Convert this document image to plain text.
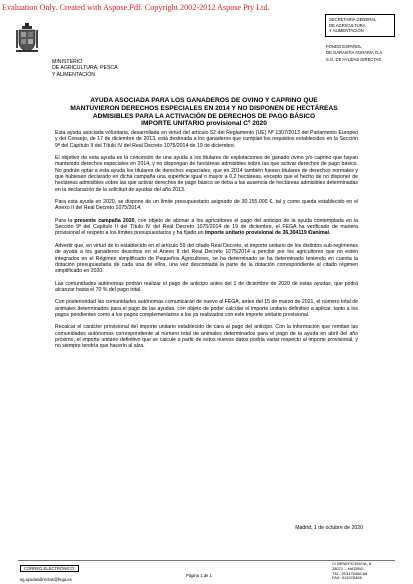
Evaluation Only. Created with Aspose.Pdf. Copyright 2002-2012 Aspose Pty Ltd.
MINISTERIO
DE AGRICULTURA, PESCA
Y ALIMENTACIÓN
SECRETARÍA GENERAL
DE AGRICULTURA
Y ALIMENTACIÓN
FONDO ESPAÑOL
DE GARANTÍA AGRARIA O.A.
S.G. DE AYUDAS DIRECTAS
AYUDA ASOCIADA PARA LOS GANADEROS DE OVINO Y CAPRINO QUE
MANTUVIERON DERECHOS ESPECIALES EN 2014 Y NO DISPONEN DE HECTÁREAS
ADMISIBLES PARA LA ACTIVACIÓN DE DERECHOS DE PAGO BÁSICO
IMPORTE UNITARIO provisional Cº 2020

Esta ayuda asociada voluntaria, desarrollada en virtud del artículo 52 del Reglamento (UE) Nº 1307/2013 del Parlamento Europeo y del Consejo, de 17 de diciembre de 2013, está destinada a los ganaderos que cumplan los requisitos establecidos en la Sección 9ª del Capítulo II del Título IV del Real Decreto 1075/2014 de 19 de diciembre.

El objetivo de esta ayuda es la concesión de una ayuda a los titulares de explotaciones de ganado ovino y/o caprino que hayan mantenido derechos especiales en 2014, y no dispongan de hectáreas admisibles sobre las que activar derechos de pago básico. No podrán optar a esta ayuda los titulares de derechos especiales, que en 2014 también fuesen titulares de derechos normales y que hubiesen declarado en dicha campaña una superficie igual o mayor a 0,2 hectáreas, excepto que el hecho de no disponer de hectáreas admisibles sobre las que activar derechos de pago básico se deba a las ausencia de hectáreas admisibles determinadas en la declaración de la solicitud de ayudas del año 2013.

Para esta ayuda en 2020, se dispone de un límite presupuestario asignado de 30.155.000 €, tal y como queda establecido en el Anexo II del Real Decreto 1075/2014.

Para la presente campaña 2020, con objeto de abonar a los agricultores el pago del anticipo de la ayuda contemplada en la Sección 9ª del Capítulo II del Título IV del Real Decreto 1075/2014 de 19 de diciembre, el FEGA ha verificado de manera provisional el respeto a los límites presupuestarios y ha fijado un importe unitario provisional de 36,304119 €/animal.

Advertir que, en virtud de lo establecido en el artículo 59 del citado Real Decreto, el importe unitario de los distintos sub-regímenes de ayuda a los ganaderos descritos en el Anexo II del Real Decreto 1075/2014 a percibir por los agricultores que no estén integrados en el Régimen simplificado de Pequeños Agricultores, se ha determinado se ha determinado teniendo en cuenta la dotación presupuestaria de cada una de ellos, una vez descontada la parte de la dotación correspondiente al citado régimen simplificado en 2020.

Las comunidades autónomas podrán realizar el pago de anticipo antes del 1 de diciembre de 2020 de estas ayudas, que podrá alcanzar hasta el 70 % del pago total.

Con posterioridad las comunidades autónomas comunicarán de nuevo al FEGA, antes del 15 de marzo de 2021, el número total de animales determinados para el pago de las ayudas, con objeto de poder calcular el importe unitario definitivo a aplicar, tanto a los pagos pendientes como a los pagos complementarios a los ya realizados con este importe unitario provisional.

Recalcar el carácter provisional del importe unitario establecido de cara al pago del anticipo. Con la información que remitan las comunidades autónomas correspondiente al número total de animales determinados para el pago de la ayuda en abril del año próximo, el importe unitario definitivo que se calcule a partir de estos nuevos datos podría variar respecto al importe provisional, y no siempre tendría que hacerlo al alza.

Madrid, 1 de octubre de 2020
CORREO ELECTRÓNICO:
sg.ayudasdirectas@fega.es
Página 1 de 1
C/ BENEFICENCIA, 8
28071 – MADRID
TEL: 913476466-68
FAX: 913476465
